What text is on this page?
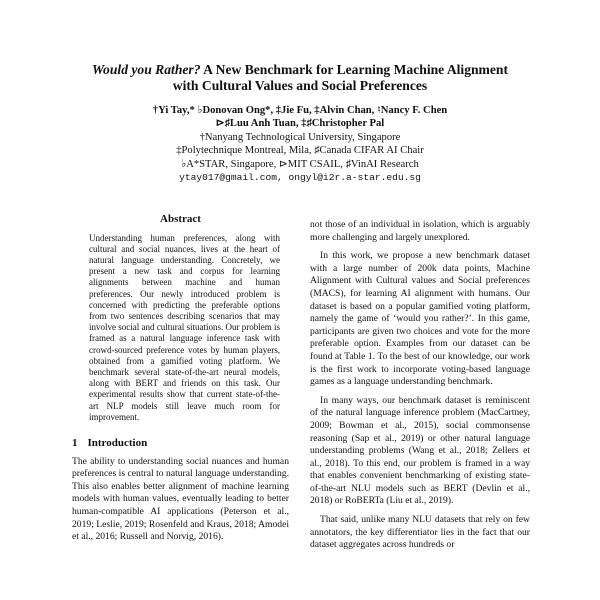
Would you Rather? A New Benchmark for Learning Machine Alignment
with Cultural Values and Social Preferences
†Yi Tay,* ♭Donovan Ong*, ‡Jie Fu, ‡Alvin Chan, ♮Nancy F. Chen
⊳♯Luu Anh Tuan, ‡♯Christopher Pal
†Nanyang Technological University, Singapore
‡Polytechnique Montreal, Mila, ♯Canada CIFAR AI Chair
♭A*STAR, Singapore, ⊳MIT CSAIL, ♯VinAI Research
ytay017@gmail.com, ongyl@i2r.a-star.edu.sg
Abstract
Understanding human preferences, along with cultural and social nuances, lives at the heart of natural language understanding. Concretely, we present a new task and corpus for learning alignments between machine and human preferences. Our newly introduced problem is concerned with predicting the preferable options from two sentences describing scenarios that may involve social and cultural situations. Our problem is framed as a natural language inference task with crowd-sourced preference votes by human players, obtained from a gamified voting platform. We benchmark several state-of-the-art neural models, along with BERT and friends on this task. Our experimental results show that current state-of-the-art NLP models still leave much room for improvement.
1 Introduction

The ability to understanding social nuances and human preferences is central to natural language understanding. This also enables better alignment of machine learning models with human values, eventually leading to better human-compatible AI applications (Peterson et al., 2019; Leslie, 2019; Rosenfeld and Kraus, 2018; Amodei et al., 2016; Russell and Norvig, 2016).

not those of an individual in isolation, which is arguably more challenging and largely unexplored.

In this work, we propose a new benchmark dataset with a large number of 200k data points, Machine Alignment with Cultural values and Social preferences (MACS), for learning AI alignment with humans. Our dataset is based on a popular gamified voting platform, namely the game of ‘would you rather?’. In this game, participants are given two choices and vote for the more preferable option. Examples from our dataset can be found at Table 1. To the best of our knowledge, our work is the first work to incorporate voting-based language games as a language understanding benchmark.

In many ways, our benchmark dataset is reminiscent of the natural language inference problem (MacCartney, 2009; Bowman et al., 2015), social commonsense reasoning (Sap et al., 2019) or other natural language understanding problems (Wang et al., 2018; Zellers et al., 2018). To this end, our problem is framed in a way that enables convenient benchmarking of existing state-of-the-art NLU models such as BERT (Devlin et al., 2018) or RoBERTa (Liu et al., 2019).

That said, unlike many NLU datasets that rely on few annotators, the key differentiator lies in the fact that our dataset aggregates across hundreds or
